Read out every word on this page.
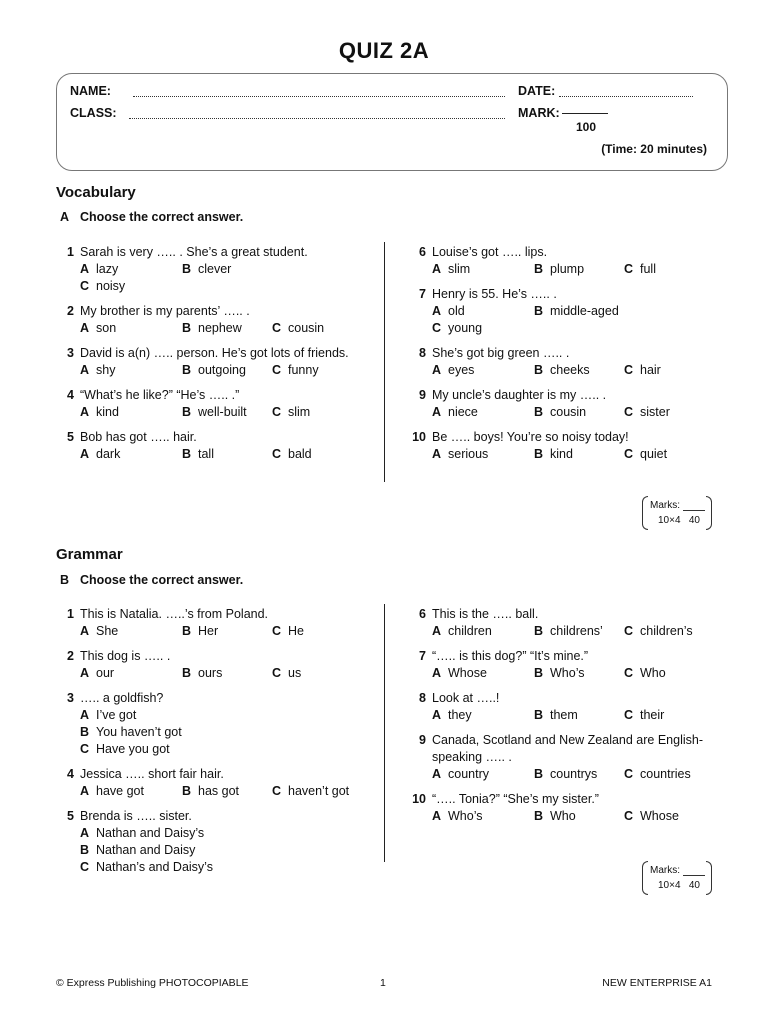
QUIZ 2A
NAME:
CLASS:
DATE:
MARK:
100
(Time: 20 minutes)
Vocabulary
A Choose the correct answer.
1 Sarah is very ….. . She’s a great student.
A lazy	B clever
C noisy
2 My brother is my parents’ ….. .
A son	B nephew	C cousin
3 David is a(n) ….. person. He’s got lots of friends.
A shy	B outgoing	C funny
4 “What’s he like?” “He’s ….. .”
A kind	B well-built	C slim
5 Bob has got ….. hair.
A dark	B tall	C bald
6 Louise’s got ….. lips.
A slim	B plump	C full
7 Henry is 55. He’s ….. .
A old	B middle-aged
C young
8 She’s got big green ….. .
A eyes	B cheeks	C hair
9 My uncle’s daughter is my ….. .
A niece	B cousin	C sister
10 Be ….. boys! You’re so noisy today!
A serious	B kind	C quiet
Marks:
10×4 40
Grammar
B Choose the correct answer.
1 This is Natalia. …..’s from Poland.
A She	B Her	C He
2 This dog is ….. .
A our	B ours	C us
3 ….. a goldfish?
A I’ve got
B You haven’t got
C Have you got
4 Jessica ….. short fair hair.
A have got	B has got	C haven’t got
5 Brenda is ….. sister.
A Nathan and Daisy’s
B Nathan and Daisy
C Nathan’s and Daisy’s
6 This is the ….. ball.
A children	B childrens’	C children’s
7 “….. is this dog?” “It’s mine.”
A Whose	B Who’s	C Who
8 Look at …..!
A they	B them	C their
9 Canada, Scotland and New Zealand are English-speaking ….. .
A country	B countrys	C countries
10 “….. Tonia?” “She’s my sister.”
A Who’s	B Who	C Whose
Marks:
10×4 40
© Express Publishing PHOTOCOPIABLE	1	NEW ENTERPRISE A1
